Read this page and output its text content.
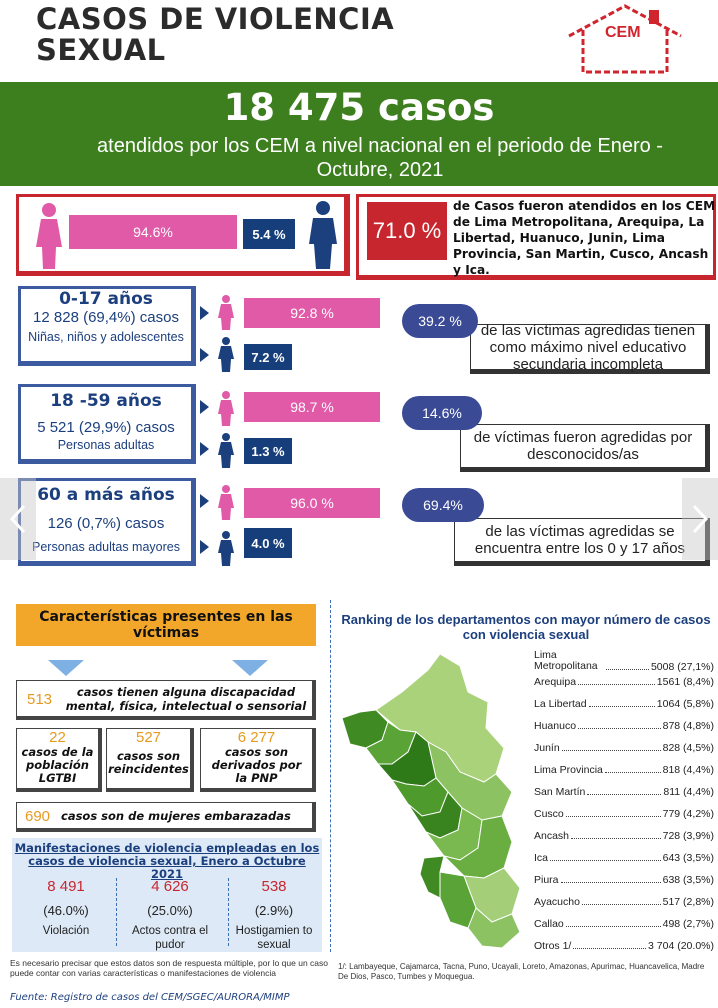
CASOS DE VIOLENCIA
SEXUAL
CEM
18 475 casos
atendidos por los CEM a nivel nacional en el periodo de Enero - Octubre, 2021
94.6%	5.4 %	71.0 %
de Casos fueron atendidos en los CEM de Lima Metropolitana, Arequipa, La Libertad, Huanuco, Junin, Lima Provincia, San Martin, Cusco, Ancash y Ica.
0-17 años
12 828 (69,4%) casos
Niñas, niños y adolescentes
92.8 %
7.2 %
18 -59 años
5 521 (29,9%) casos
Personas adultas
98.7 %
1.3 %
60 a más años
126 (0,7%) casos
Personas adultas mayores
96.0 %
4.0 %
de las víctimas agredidas tienen como máximo nivel educativo secundaria incompleta
39.2 %
de víctimas fueron agredidas por desconocidos/as
14.6%
de las víctimas agredidas se encuentra entre los 0 y 17 años
69.4%
Características presentes en las víctimas
513	casos tienen alguna discapacidad mental, física, intelectual o sensorial
22
casos de la población LGTBI
527
casos son reincidentes
6 277
casos son derivados por la PNP
690 casos son de mujeres embarazadas
Manifestaciones de violencia empleadas en los casos de violencia sexual, Enero a Octubre 2021
8 491
(46.0%)
Violación
4 626
(25.0%)
Actos contra el pudor
538
(2.9%)
Hostigamien to sexual
Es necesario precisar que estos datos son de respuesta múltiple, por lo que un caso puede contar con varias características o manifestaciones de violencia
Fuente: Registro de casos del CEM/SGEC/AURORA/MIMP
Ranking de los departamentos con mayor número de casos con violencia sexual
Lima Metropolitana	5008 (27,1%)
Arequipa	1561 (8,4%)
La Libertad	1064 (5,8%)
Huanuco	878 (4,8%)
Junín	828 (4,5%)
Lima Provincia	818 (4,4%)
San Martín	811 (4,4%)
Cusco	779 (4,2%)
Ancash	728 (3,9%)
Ica	643 (3,5%)
Piura	638 (3,5%)
Ayacucho	517 (2,8%)
Callao	498 (2,7%)
Otros 1/	3 704 (20.0%)
1/: Lambayeque, Cajamarca, Tacna, Puno, Ucayali, Loreto, Amazonas, Apurimac, Huancavelica, Madre De Dios, Pasco, Tumbes y Moquegua.
